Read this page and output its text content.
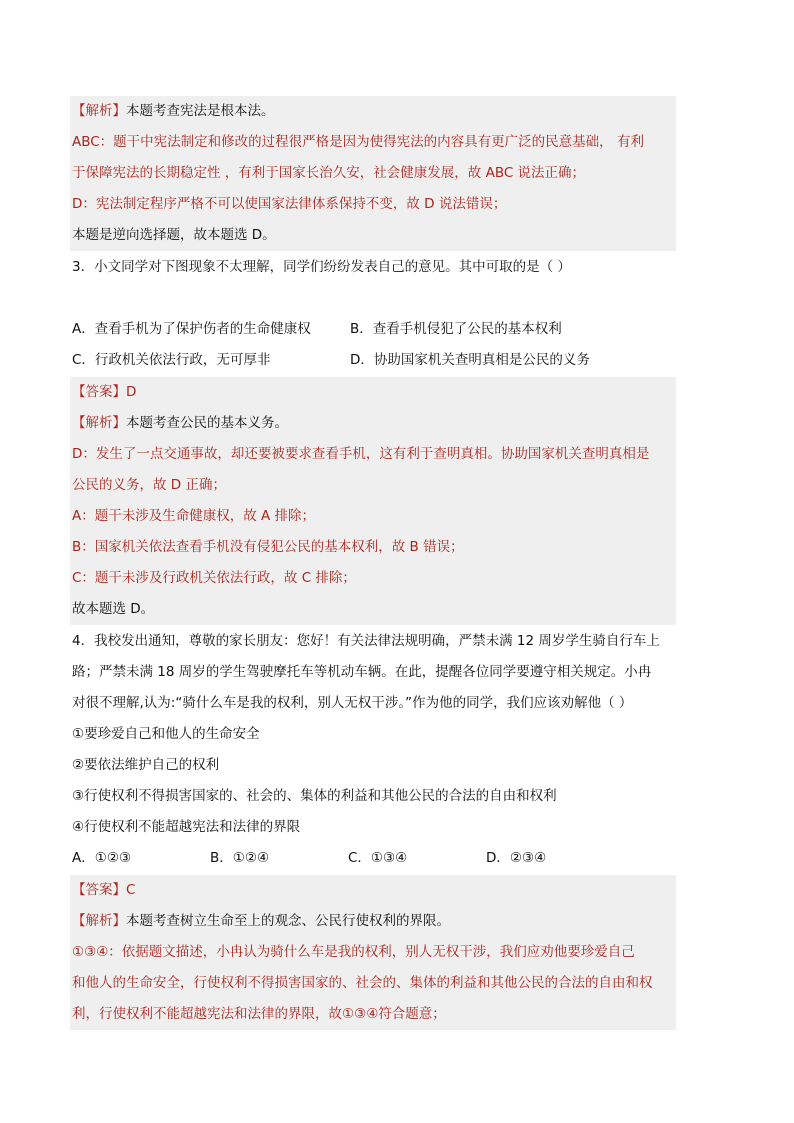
【解析】本题考查宪法是根本法。
ABC：题干中宪法制定和修改的过程很严格是因为使得宪法的内容具有更广泛的民意基础， 有利
于保障宪法的长期稳定性 ，有利于国家长治久安，社会健康发展，故 ABC 说法正确；
D：宪法制定程序严格不可以使国家法律体系保持不变，故 D 说法错误；
本题是逆向选择题，故本题选 D。
3．小文同学对下图现象不太理解，同学们纷纷发表自己的意见。其中可取的是（ ）
A．查看手机为了保护伤者的生命健康权	B．查看手机侵犯了公民的基本权利
C．行政机关依法行政，无可厚非	D．协助国家机关查明真相是公民的义务
【答案】D
【解析】本题考查公民的基本义务。
D：发生了一点交通事故，却还要被要求查看手机，这有利于查明真相。协助国家机关查明真相是
公民的义务，故 D 正确；
A：题干未涉及生命健康权，故 A 排除；
B：国家机关依法查看手机没有侵犯公民的基本权利，故 B 错误；
C：题干未涉及行政机关依法行政，故 C 排除；
故本题选 D。
4．我校发出通知，尊敬的家长朋友：您好！有关法律法规明确，严禁未满 12 周岁学生骑自行车上
路；严禁未满 18 周岁的学生驾驶摩托车等机动车辆。在此，提醒各位同学要遵守相关规定。小冉
对很不理解,认为:“骑什么车是我的权利，别人无权干涉。”作为他的同学，我们应该劝解他（ ）
①要珍爱自己和他人的生命安全
②要依法维护自己的权利
③行使权利不得损害国家的、社会的、集体的利益和其他公民的合法的自由和权利
④行使权利不能超越宪法和法律的界限
A．①②③	B．①②④	C．①③④	D．②③④
【答案】C
【解析】本题考查树立生命至上的观念、公民行使权利的界限。
①③④：依据题文描述，小冉认为骑什么车是我的权利，别人无权干涉，我们应劝他要珍爱自己
和他人的生命安全，行使权利不得损害国家的、社会的、集体的利益和其他公民的合法的自由和权
利，行使权利不能超越宪法和法律的界限，故①③④符合题意；
